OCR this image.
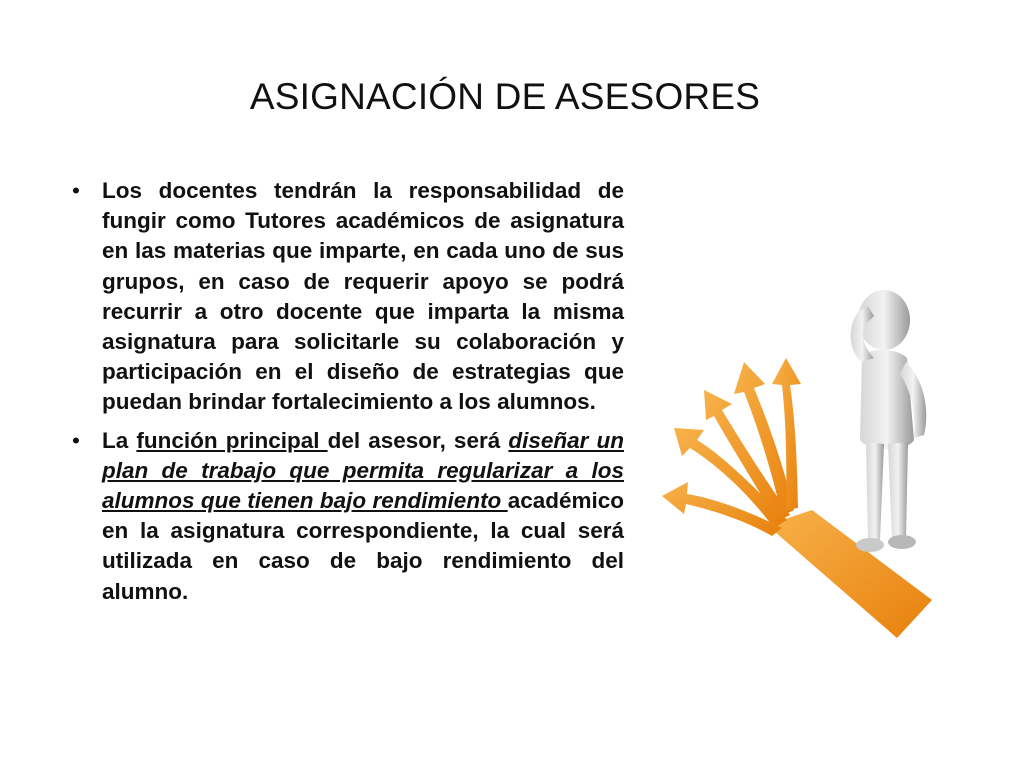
ASIGNACIÓN DE ASESORES
• Los docentes tendrán la responsabilidad de fungir como Tutores académicos de asignatura en las materias que imparte, en cada uno de sus grupos, en caso de requerir apoyo se podrá recurrir a otro docente que imparta la misma asignatura para solicitarle su colaboración y participación en el diseño de estrategias que puedan brindar fortalecimiento a los alumnos.
• La función principal del asesor, será diseñar un plan de trabajo que permita regularizar a los alumnos que tienen bajo rendimiento académico en la asignatura correspondiente, la cual será utilizada en caso de bajo rendimiento del alumno.
